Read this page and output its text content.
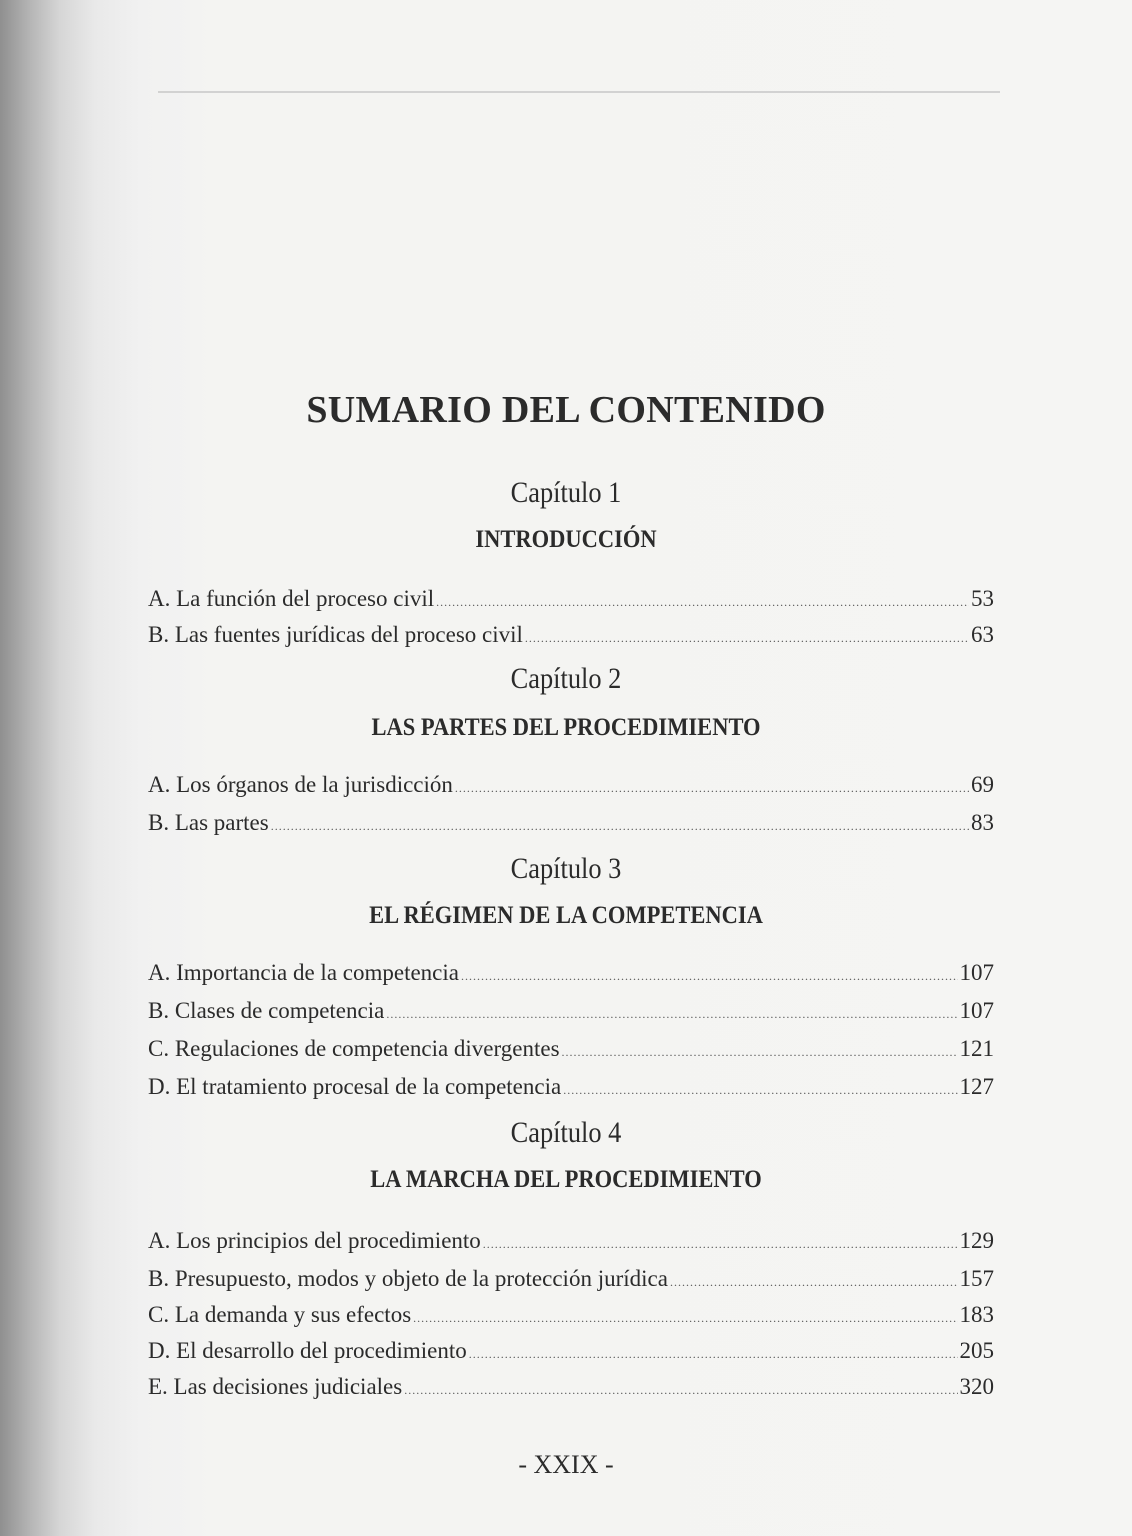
SUMARIO DEL CONTENIDO
Capítulo 1
INTRODUCCIÓN
A. La función del proceso civil .....	53
B. Las fuentes jurídicas del proceso civil .....	63
Capítulo 2
LAS PARTES DEL PROCEDIMIENTO
A. Los órganos de la jurisdicción .....	69
B. Las partes .....	83
Capítulo 3
EL RÉGIMEN DE LA COMPETENCIA
A. Importancia de la competencia .....	107
B. Clases de competencia .....	107
C. Regulaciones de competencia divergentes .....	121
D. El tratamiento procesal de la competencia .....	127
Capítulo 4
LA MARCHA DEL PROCEDIMIENTO
A. Los principios del procedimiento .....	129
B. Presupuesto, modos y objeto de la protección jurídica .....	157
C. La demanda y sus efectos .....	183
D. El desarrollo del procedimiento .....	205
E. Las decisiones judiciales .....	320
- XXIX -
